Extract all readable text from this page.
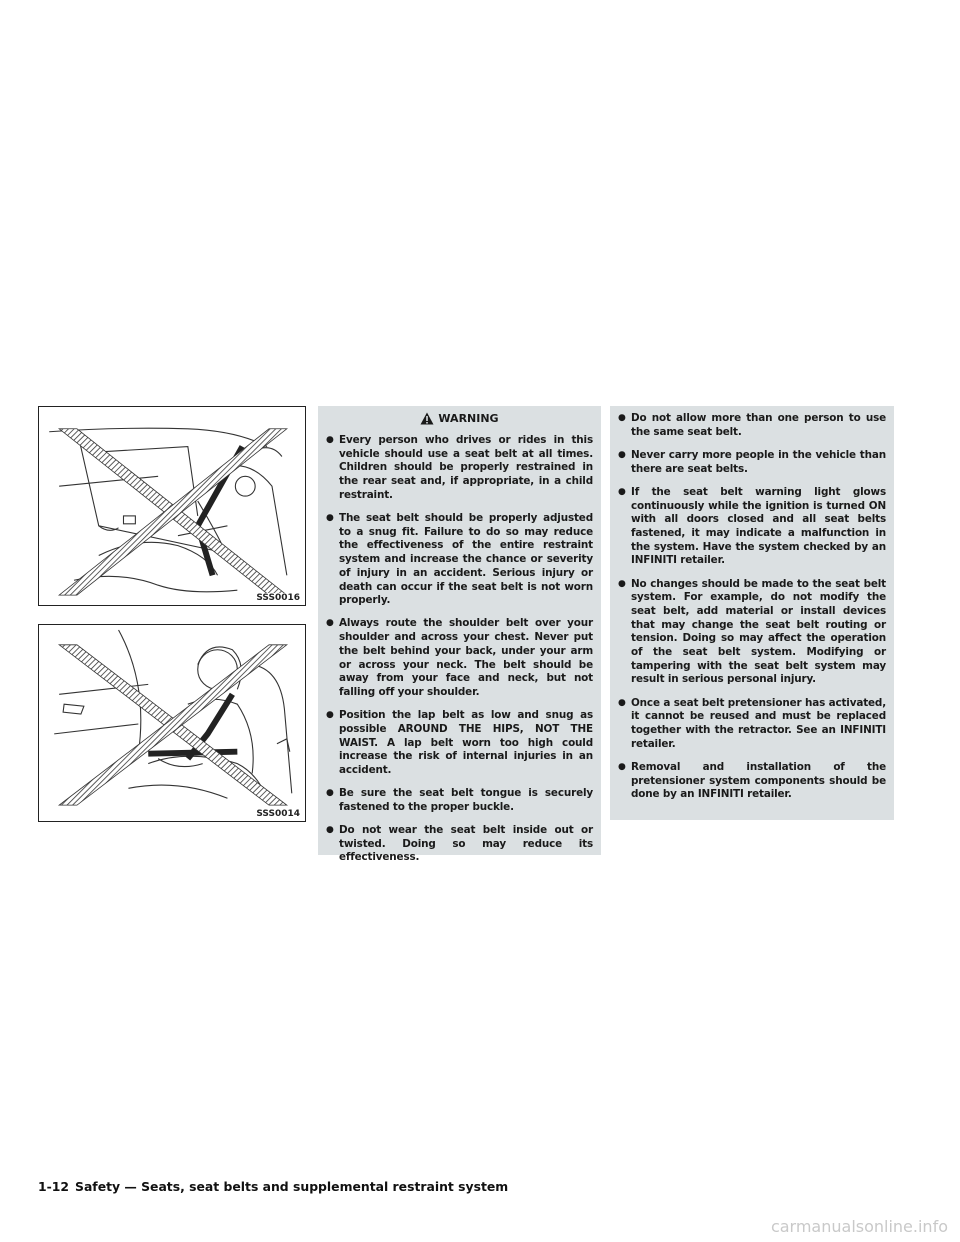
SSS0016
SSS0014
WARNING
● Every person who drives or rides in this vehicle should use a seat belt at all times. Children should be properly restrained in the rear seat and, if appropriate, in a child restraint.
● The seat belt should be properly adjusted to a snug fit. Failure to do so may reduce the effectiveness of the entire restraint system and increase the chance or severity of injury in an accident. Serious injury or death can occur if the seat belt is not worn properly.
● Always route the shoulder belt over your shoulder and across your chest. Never put the belt behind your back, under your arm or across your neck. The belt should be away from your face and neck, but not falling off your shoulder.
● Position the lap belt as low and snug as possible AROUND THE HIPS, NOT THE WAIST. A lap belt worn too high could increase the risk of internal injuries in an accident.
● Be sure the seat belt tongue is securely fastened to the proper buckle.
● Do not wear the seat belt inside out or twisted. Doing so may reduce its effectiveness.
● Do not allow more than one person to use the same seat belt.
● Never carry more people in the vehicle than there are seat belts.
● If the seat belt warning light glows continuously while the ignition is turned ON with all doors closed and all seat belts fastened, it may indicate a malfunction in the system. Have the system checked by an INFINITI retailer.
● No changes should be made to the seat belt system. For example, do not modify the seat belt, add material or install devices that may change the seat belt routing or tension. Doing so may affect the operation of the seat belt system. Modifying or tampering with the seat belt system may result in serious personal injury.
● Once a seat belt pretensioner has activated, it cannot be reused and must be replaced together with the retractor. See an INFINITI retailer.
● Removal and installation of the pretensioner system components should be done by an INFINITI retailer.
1-12 Safety — Seats, seat belts and supplemental restraint system
carmanualsonline.info
